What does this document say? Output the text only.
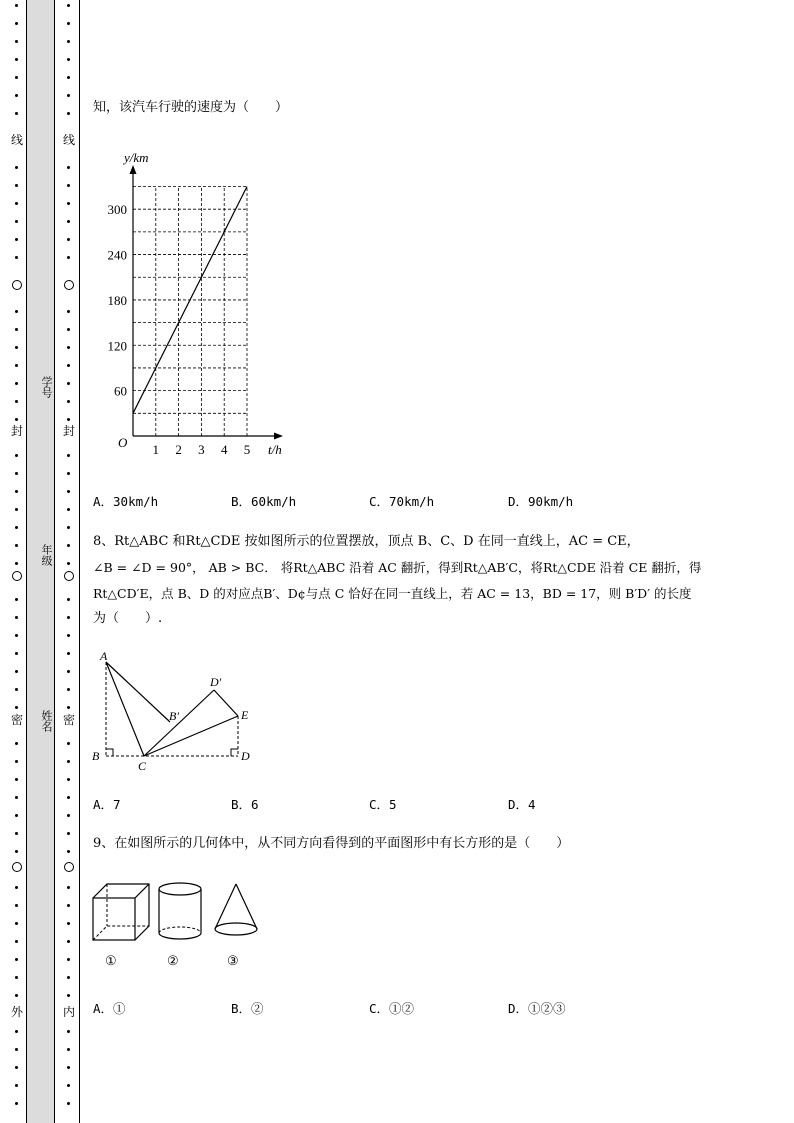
线
封
密
外
线
封
密
内
学号
年级
姓名
知，该汽车行驶的速度为（　　）
1 2 3 4 5
60
120
180
240
300
y/km
t/h
O
A．30km/h	B．60km/h	C．70km/h	D．90km/h
8、Rt△ABC 和Rt△CDE 按如图所示的位置摆放，顶点 B、C、D 在同一直线上，AC = CE，
∠B = ∠D = 90°， AB > BC． 将Rt△ABC 沿着 AC 翻折，得到Rt△AB′C，将Rt△CDE 沿着 CE 翻折，得
Rt△CD′E，点 B、D 的对应点B′、D¢与点 C 恰好在同一直线上，若 AC = 13，BD = 17，则 B′D′ 的长度
为（　　）.
A
B
C
D
E
B′
D′
A．7	B．6	C．5	D．4
9、在如图所示的几何体中，从不同方向看得到的平面图形中有长方形的是（　　）
①	②	③
A．①	B．②	C．①②	D．①②③
